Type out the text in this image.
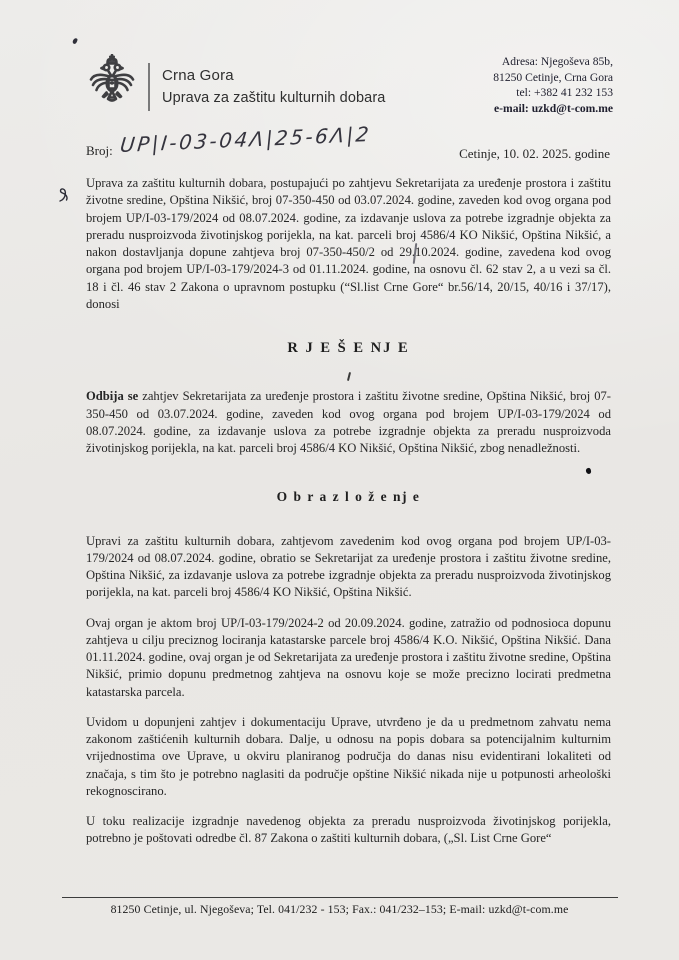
Crna Gora
Uprava za zaštitu kulturnih dobara
Adresa: Njegoševa 85b,
81250 Cetinje, Crna Gora
tel: +382 41 232 153
e-mail: uzkd@t-com.me
Broj: UP|I-03-04Λ|25-6Λ|2	Cetinje, 10. 02. 2025. godine

Uprava za zaštitu kulturnih dobara, postupajući po zahtjevu Sekretarijata za uređenje prostora i zaštitu životne sredine, Opština Nikšić, broj 07-350-450 od 03.07.2024. godine, zaveden kod ovog organa pod brojem UP/I-03-179/2024 od 08.07.2024. godine, za izdavanje uslova za potrebe izgradnje objekta za preradu nusproizvoda životinjskog porijekla, na kat. parceli broj 4586/4 KO Nikšić, Opština Nikšić, a nakon dostavljanja dopune zahtjeva broj 07-350-450/2 od 29.10.2024. godine, zavedena kod ovog organa pod brojem UP/I-03-179/2024-3 od 01.11.2024. godine, na osnovu čl. 62 stav 2, a u vezi sa čl. 18 i čl. 46 stav 2 Zakona o upravnom postupku (“Sl.list Crne Gore“ br.56/14, 20/15, 40/16 i 37/17), donosi

R J E Š E NJ E

Odbija se zahtjev Sekretarijata za uređenje prostora i zaštitu životne sredine, Opština Nikšić, broj 07-350-450 od 03.07.2024. godine, zaveden kod ovog organa pod brojem UP/I-03-179/2024 od 08.07.2024. godine, za izdavanje uslova za potrebe izgradnje objekta za preradu nusproizvoda životinjskog porijekla, na kat. parceli broj 4586/4 KO Nikšić, Opština Nikšić, zbog nenadležnosti.

O b r a z l o ž e nj e

Upravi za zaštitu kulturnih dobara, zahtjevom zavedenim kod ovog organa pod brojem UP/I-03-179/2024 od 08.07.2024. godine, obratio se Sekretarijat za uređenje prostora i zaštitu životne sredine, Opština Nikšić, za izdavanje uslova za potrebe izgradnje objekta za preradu nusproizvoda životinjskog porijekla, na kat. parceli broj 4586/4 KO Nikšić, Opština Nikšić.

Ovaj organ je aktom broj UP/I-03-179/2024-2 od 20.09.2024. godine, zatražio od podnosioca dopunu zahtjeva u cilju preciznog lociranja katastarske parcele broj 4586/4 K.O. Nikšić, Opština Nikšić. Dana 01.11.2024. godine, ovaj organ je od Sekretarijata za uređenje prostora i zaštitu životne sredine, Opština Nikšić, primio dopunu predmetnog zahtjeva na osnovu koje se može precizno locirati predmetna katastarska parcela.

Uvidom u dopunjeni zahtjev i dokumentaciju Uprave, utvrđeno je da u predmetnom zahvatu nema zakonom zaštićenih kulturnih dobara. Dalje, u odnosu na popis dobara sa potencijalnim kulturnim vrijednostima ove Uprave, u okviru planiranog područja do danas nisu evidentirani lokaliteti od značaja, s tim što je potrebno naglasiti da područje opštine Nikšić nikada nije u potpunosti arheološki rekognoscirano.

U toku realizacije izgradnje navedenog objekta za preradu nusproizvoda životinjskog porijekla, potrebno je poštovati odredbe čl. 87 Zakona o zaštiti kulturnih dobara, („Sl. List Crne Gore“

81250 Cetinje, ul. Njegoševa; Tel. 041/232 - 153; Fax.: 041/232–153; E-mail: uzkd@t-com.me
